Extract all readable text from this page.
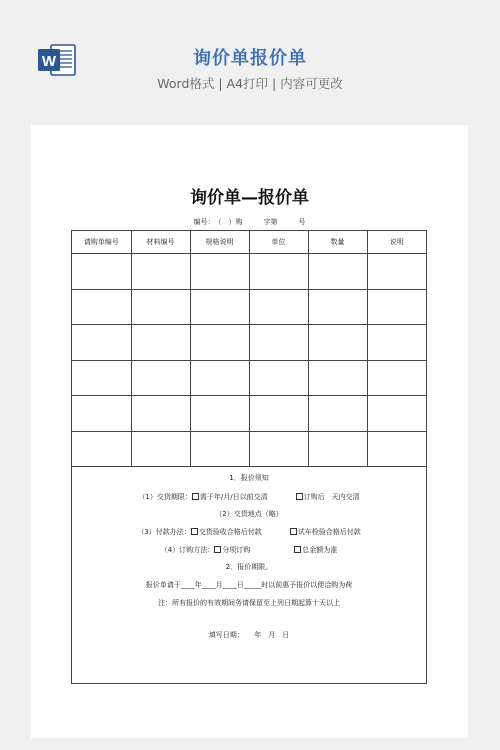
W	询价单报价单
Word格式 | A4打印 | 内容可更改
询价单—报价单
编号：　（　）购　　　字第　　　号
请购单编号	材料编号	规格说明	单位	数量	说明

1．报价须知
（1）交货期限： 需于年/月/日以前交清	订购后　天内交清
（2）交货地点（略）
（3）付款办法： 交货验收合格后付款	试车检验合格后付款
（4）订购方法： 分项订购	总金额为准
2．报价期限。
报价单请于____年____月____日_____时以前惠予报价以便洽购为荷
注：所有报价的有效期间务请保留至上列日期起算十天以上
填写日期：　　年　月　日
